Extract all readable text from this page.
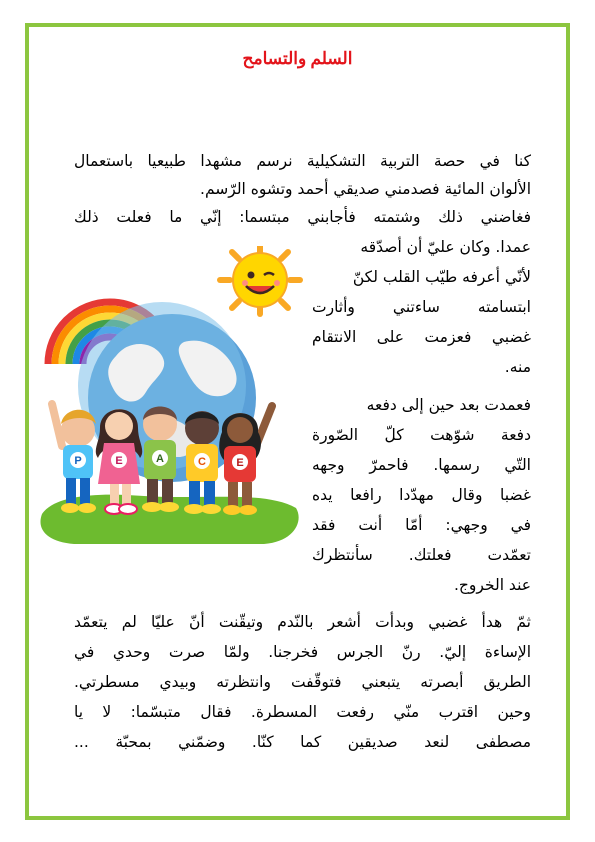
السلم والتسامح
كنا في حصة التربية التشكيلية نرسم مشهدا طبيعيا باستعمال
الألوان المائية فصدمني صديقي أحمد وتشوه الرّسم.
فغاضني ذلك وشتمته فأجابني مبتسما: إنّي ما فعلت ذلك
عمدا. وكان عليّ أن أصدّقه
لأنّي أعرفه طيّب القلب لكنّ
ابتسامته ساءتني وأثارت
غضبي فعزمت على الانتقام
منه.
فعمدت بعد حين إلى دفعه
دفعة شوّهت كلّ الصّورة
التّي رسمها. فاحمرّ وجهه
غضبا وقال مهدّدا رافعا يده
في وجهي: أمّا أنت فقد
تعمّدت فعلتك. سأنتظرك
عند الخروج.
ثمّ هدأ غضبي وبدأت أشعر بالنّدم وتيقّنت أنّ عليّا لم يتعمّد
الإساءة إليّ. رنّ الجرس فخرجنا. ولمّا صرت وحدي في
الطريق أبصرته يتبعني فتوقّفت وانتظرته وبيدي مسطرتي.
وحين اقترب منّي رفعت المسطرة. فقال متبسّما: لا يا
مصطفى لنعد صديقين كما كنّا. وضمّني بمحبّة ...
P	E	A	C	E
